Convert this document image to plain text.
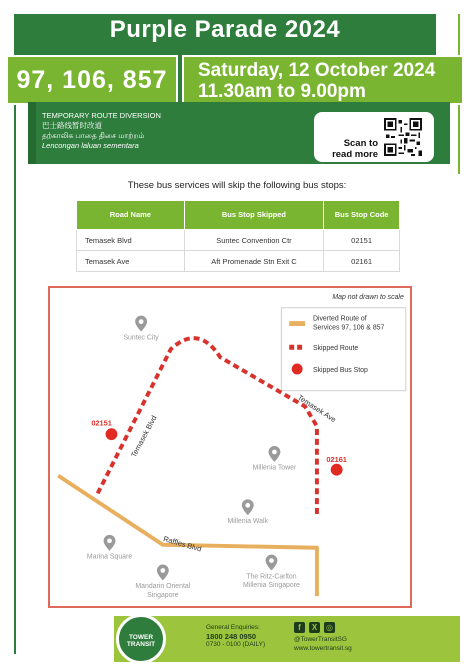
Purple Parade 2024
97, 106, 857 Saturday, 12 October 2024
11.30am to 9.00pm
TEMPORARY ROUTE DIVERSION
巴士路线暂时改道
தற்காலிக பாதை திசை மாற்றம்
Lencongan laluan sementara	Scan to
read more
These bus services will skip the following bus stops:
Road Name	Bus Stop Skipped	Bus Stop Code
Temasek Blvd	Suntec Convention Ctr	02151
Temasek Ave	Aft Promenade Stn Exit C	02161
Map not drawn to scale
Diverted Route of
Services 97, 106 & 857
Skipped Route
Skipped Bus Stop
02151
02161
Temasek Blvd
Temasek Ave
Raffles Blvd
Suntec City
Millenia Tower
Millenia Walk
Marina Square
Mandarin Oriental
Singapore
The Ritz-Carlton
Millenia Singapore
TOWER TRANSIT
General Enquiries:
1800 248 0950
0730 - 0100 (DAILY)
f	X	◎
@TowerTransitSG
www.towertransit.sg
